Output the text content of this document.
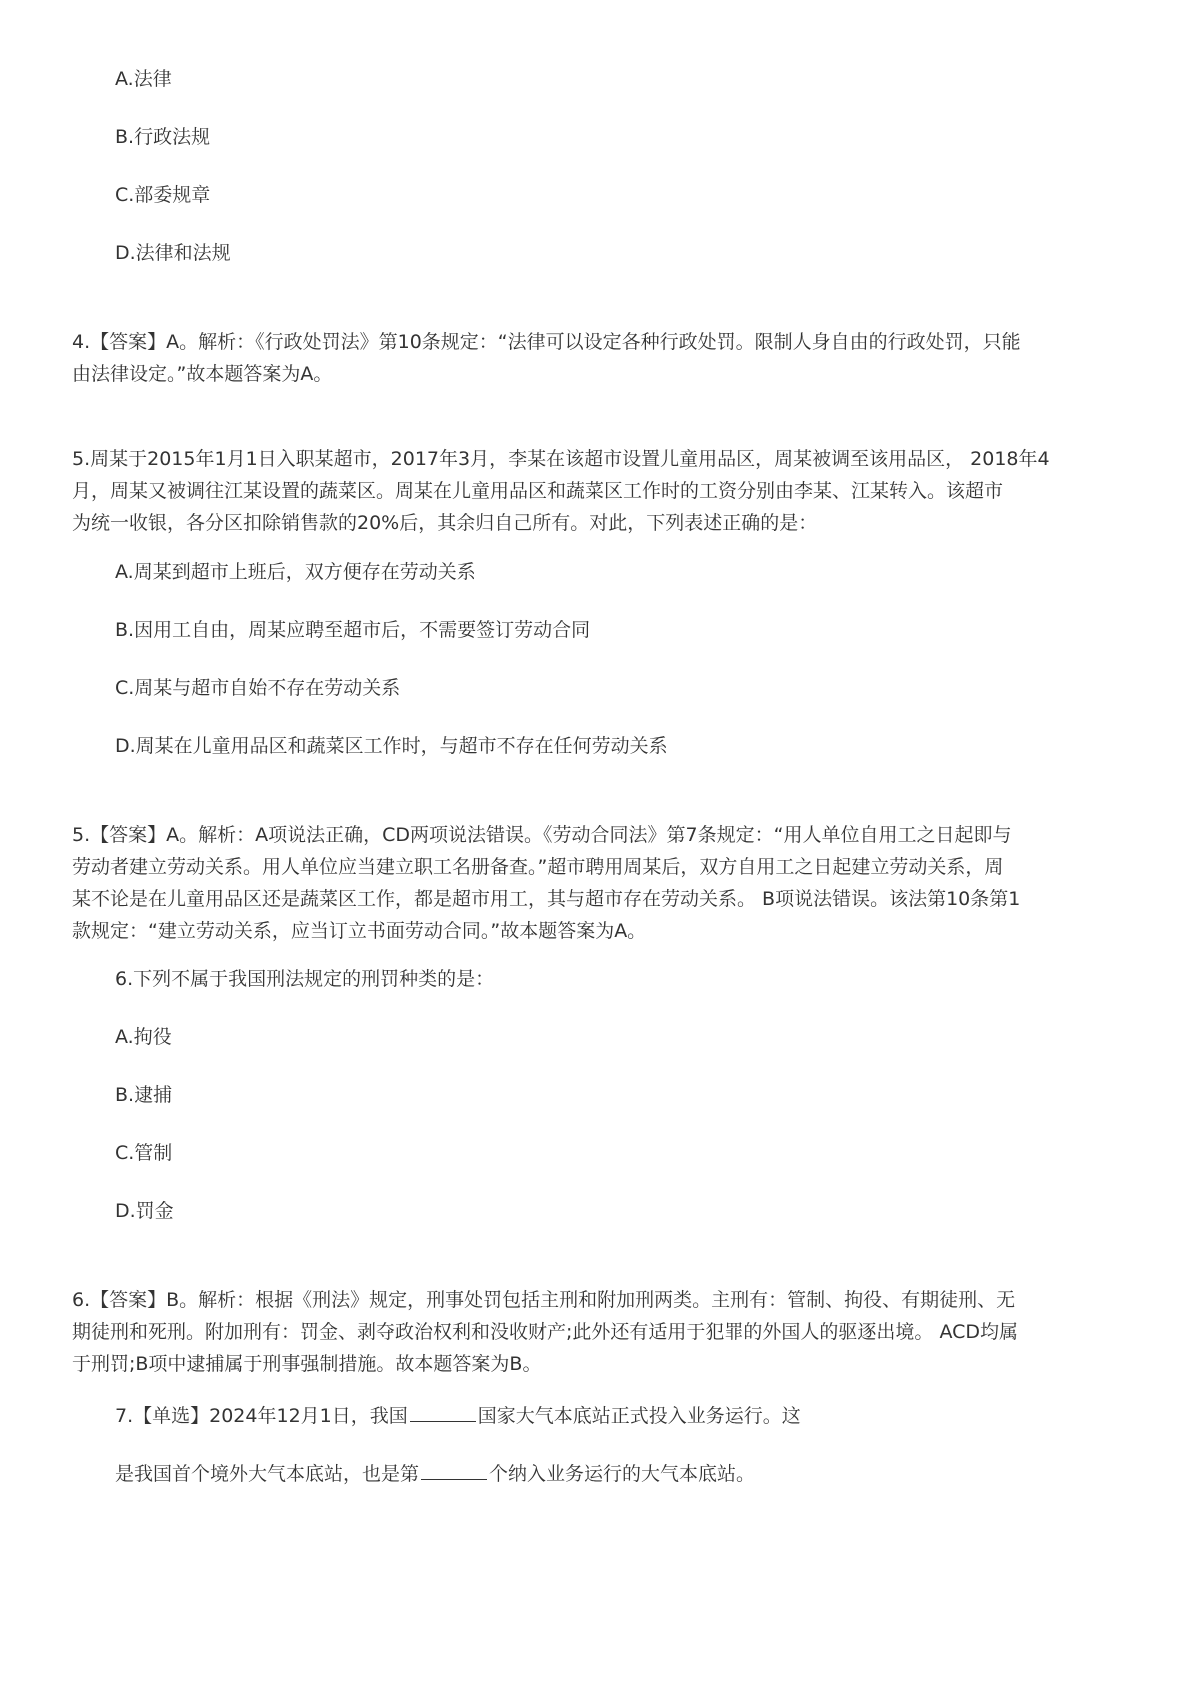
A.法律
B.行政法规
C.部委规章
D.法律和法规
4.【答案】A。解析：《行政处罚法》第10条规定：“法律可以设定各种行政处罚。限制人身自由的行政处罚，只能
由法律设定。”故本题答案为A。
5.周某于2015年1月1日入职某超市，2017年3月，李某在该超市设置儿童用品区，周某被调至该用品区， 2018年4
月，周某又被调往江某设置的蔬菜区。周某在儿童用品区和蔬菜区工作时的工资分别由李某、江某转入。该超市
为统一收银，各分区扣除销售款的20%后，其余归自己所有。对此，下列表述正确的是：
A.周某到超市上班后，双方便存在劳动关系
B.因用工自由，周某应聘至超市后，不需要签订劳动合同
C.周某与超市自始不存在劳动关系
D.周某在儿童用品区和蔬菜区工作时，与超市不存在任何劳动关系
5.【答案】A。解析：A项说法正确，CD两项说法错误。《劳动合同法》第7条规定：“用人单位自用工之日起即与
劳动者建立劳动关系。用人单位应当建立职工名册备查。”超市聘用周某后，双方自用工之日起建立劳动关系，周
某不论是在儿童用品区还是蔬菜区工作，都是超市用工，其与超市存在劳动关系。 B项说法错误。该法第10条第1
款规定：“建立劳动关系，应当订立书面劳动合同。”故本题答案为A。
6.下列不属于我国刑法规定的刑罚种类的是：
A.拘役
B.逮捕
C.管制
D.罚金
6.【答案】B。解析：根据《刑法》规定，刑事处罚包括主刑和附加刑两类。主刑有：管制、拘役、有期徒刑、无
期徒刑和死刑。附加刑有：罚金、剥夺政治权利和没收财产;此外还有适用于犯罪的外国人的驱逐出境。 ACD均属
于刑罚;B项中逮捕属于刑事强制措施。故本题答案为B。
7.【单选】2024年12月1日，我国	国家大气本底站正式投入业务运行。这
是我国首个境外大气本底站，也是第	个纳入业务运行的大气本底站。
